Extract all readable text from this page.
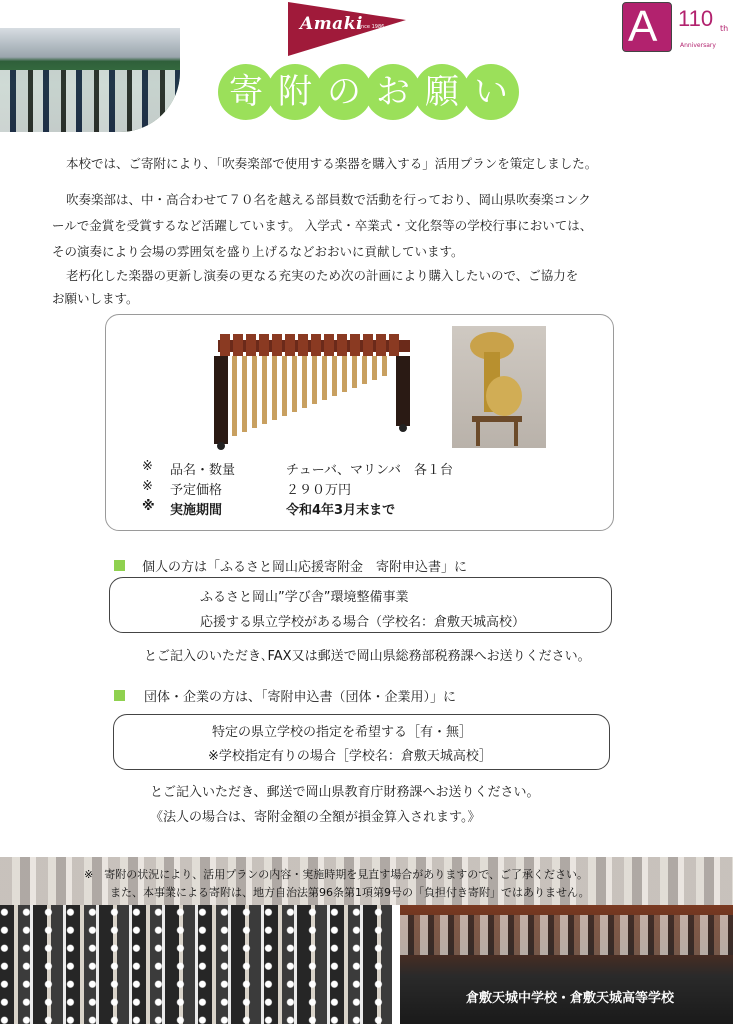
Amaki
since 1986	A 110 th
Anniversary
寄 附 の お 願 い
本校では、ご寄附により、「吹奏楽部で使用する楽器を購入する」活用プランを策定しました。
吹奏楽部は、中・高合わせて７０名を越える部員数で活動を行っており、岡山県吹奏楽コンク
ールで金賞を受賞するなど活躍しています。 入学式・卒業式・文化祭等の学校行事においては、
その演奏により会場の雰囲気を盛り上げるなどおおいに貢献しています。
老朽化した楽器の更新し演奏の更なる充実のため次の計画により購入したいので、ご協力を
お願いします。
※ 品名・数量	チューバ、マリンバ　各１台
※ 予定価格	２９０万円
※ 実施期間	令和4年3月末まで
個人の方は「ふるさと岡山応援寄附金　寄附申込書」に
ふるさと岡山”学び舎”環境整備事業
応援する県立学校がある場合（学校名：倉敷天城高校）
とご記入のいただき､FAX又は郵送で岡山県総務部税務課へお送りください。
団体・企業の方は、「寄附申込書（団体・企業用）」に
特定の県立学校の指定を希望する［有・無］
※学校指定有りの場合［学校名：倉敷天城高校］
とご記入いただき、郵送で岡山県教育庁財務課へお送りください。
《法人の場合は、寄附金額の全額が損金算入されます。》
※　寄附の状況により、活用プランの内容・実施時期を見直す場合がありますので、ご了承ください。
また、本事業による寄附は、地方自治法第96条第1項第9号の「負担付き寄附」ではありません。
倉敷天城中学校・倉敷天城高等学校
